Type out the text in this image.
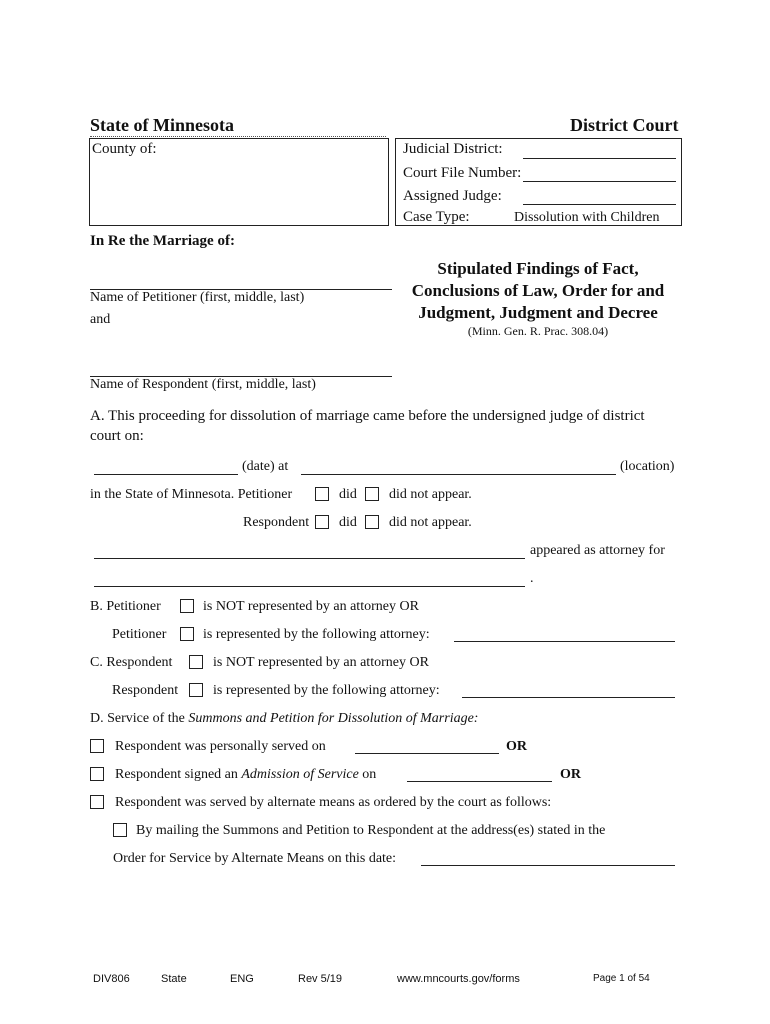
State of Minnesota	District Court
County of:	Judicial District:
Court File Number:
Assigned Judge:
Case Type:	Dissolution with Children
In Re the Marriage of:
Name of Petitioner (first, middle, last)
and
Name of Respondent (first, middle, last)
Stipulated Findings of Fact,
Conclusions of Law, Order for and
Judgment, Judgment and Decree
(Minn. Gen. R. Prac. 308.04)
A. This proceeding for dissolution of marriage came before the undersigned judge of district
court on:
(date) at	(location)
in the State of Minnesota. Petitioner	did did not appear.
Respondent did did not appear.
appeared as attorney for
.
B. Petitioner	is NOT represented by an attorney OR
Petitioner	is represented by the following attorney:
C. Respondent	is NOT represented by an attorney OR
Respondent is represented by the following attorney:
D. Service of the Summons and Petition for Dissolution of Marriage:
Respondent was personally served on	OR
Respondent signed an Admission of Service on	OR
Respondent was served by alternate means as ordered by the court as follows:
By mailing the Summons and Petition to Respondent at the address(es) stated in the
Order for Service by Alternate Means on this date:
DIV806	State	ENG	Rev 5/19	www.mncourts.gov/forms	Page 1 of 54
